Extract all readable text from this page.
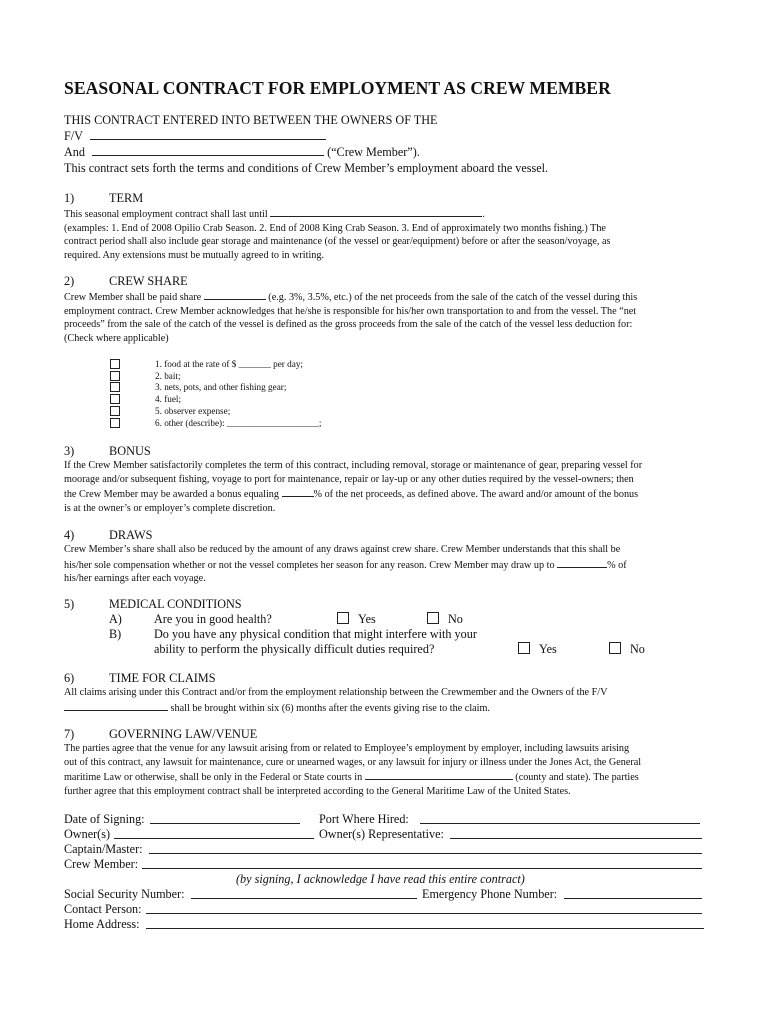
SEASONAL CONTRACT FOR EMPLOYMENT AS CREW MEMBER
THIS CONTRACT ENTERED INTO BETWEEN THE OWNERS OF THE
F/V
And	(“Crew Member”).
This contract sets forth the terms and conditions of Crew Member’s employment aboard the vessel.
1)	TERM
This seasonal employment contract shall last until	.
(examples: 1. End of 2008 Opilio Crab Season. 2. End of 2008 King Crab Season. 3. End of approximately two months fishing.) The
contract period shall also include gear storage and maintenance (of the vessel or gear/equipment) before or after the season/voyage, as
required. Any extensions must be mutually agreed to in writing.
2)	CREW SHARE
Crew Member shall be paid share	(e.g. 3%, 3.5%, etc.) of the net proceeds from the sale of the catch of the vessel during this
employment contract. Crew Member acknowledges that he/she is responsible for his/her own transportation to and from the vessel. The “net
proceeds” from the sale of the catch of the vessel is defined as the gross proceeds from the sale of the catch of the vessel less deduction for:
(Check where applicable)
1. food at the rate of $ _______ per day;
2. bait;
3. nets, pots, and other fishing gear;
4. fuel;
5. observer expense;
6. other (describe): ____________________;
3)	BONUS
If the Crew Member satisfactorily completes the term of this contract, including removal, storage or maintenance of gear, preparing vessel for
moorage and/or subsequent fishing, voyage to port for maintenance, repair or lay-up or any other duties required by the vessel-owners; then
the Crew Member may be awarded a bonus equaling	% of the net proceeds, as defined above. The award and/or amount of the bonus
is at the owner’s or employer’s complete discretion.
4)	DRAWS
Crew Member’s share shall also be reduced by the amount of any draws against crew share. Crew Member understands that this shall be
his/her sole compensation whether or not the vessel completes her season for any reason. Crew Member may draw up to	% of
his/her earnings after each voyage.
5)	MEDICAL CONDITIONS
A)	Are you in good health?	Yes	No
B)	Do you have any physical condition that might interfere with your
ability to perform the physically difficult duties required?	Yes	No
6)	TIME FOR CLAIMS
All claims arising under this Contract and/or from the employment relationship between the Crewmember and the Owners of the F/V
shall be brought within six (6) months after the events giving rise to the claim.
7)	GOVERNING LAW/VENUE
The parties agree that the venue for any lawsuit arising from or related to Employee’s employment by employer, including lawsuits arising
out of this contract, any lawsuit for maintenance, cure or unearned wages, or any lawsuit for injury or illness under the Jones Act, the General
maritime Law or otherwise, shall be only in the Federal or State courts in	(county and state). The parties
further agree that this employment contract shall be interpreted according to the General Maritime Law of the United States.
Date of Signing:	Port Where Hired:
Owner(s)	Owner(s) Representative:
Captain/Master:
Crew Member:
(by signing, I acknowledge I have read this entire contract)
Social Security Number:	Emergency Phone Number:
Contact Person:
Home Address:
